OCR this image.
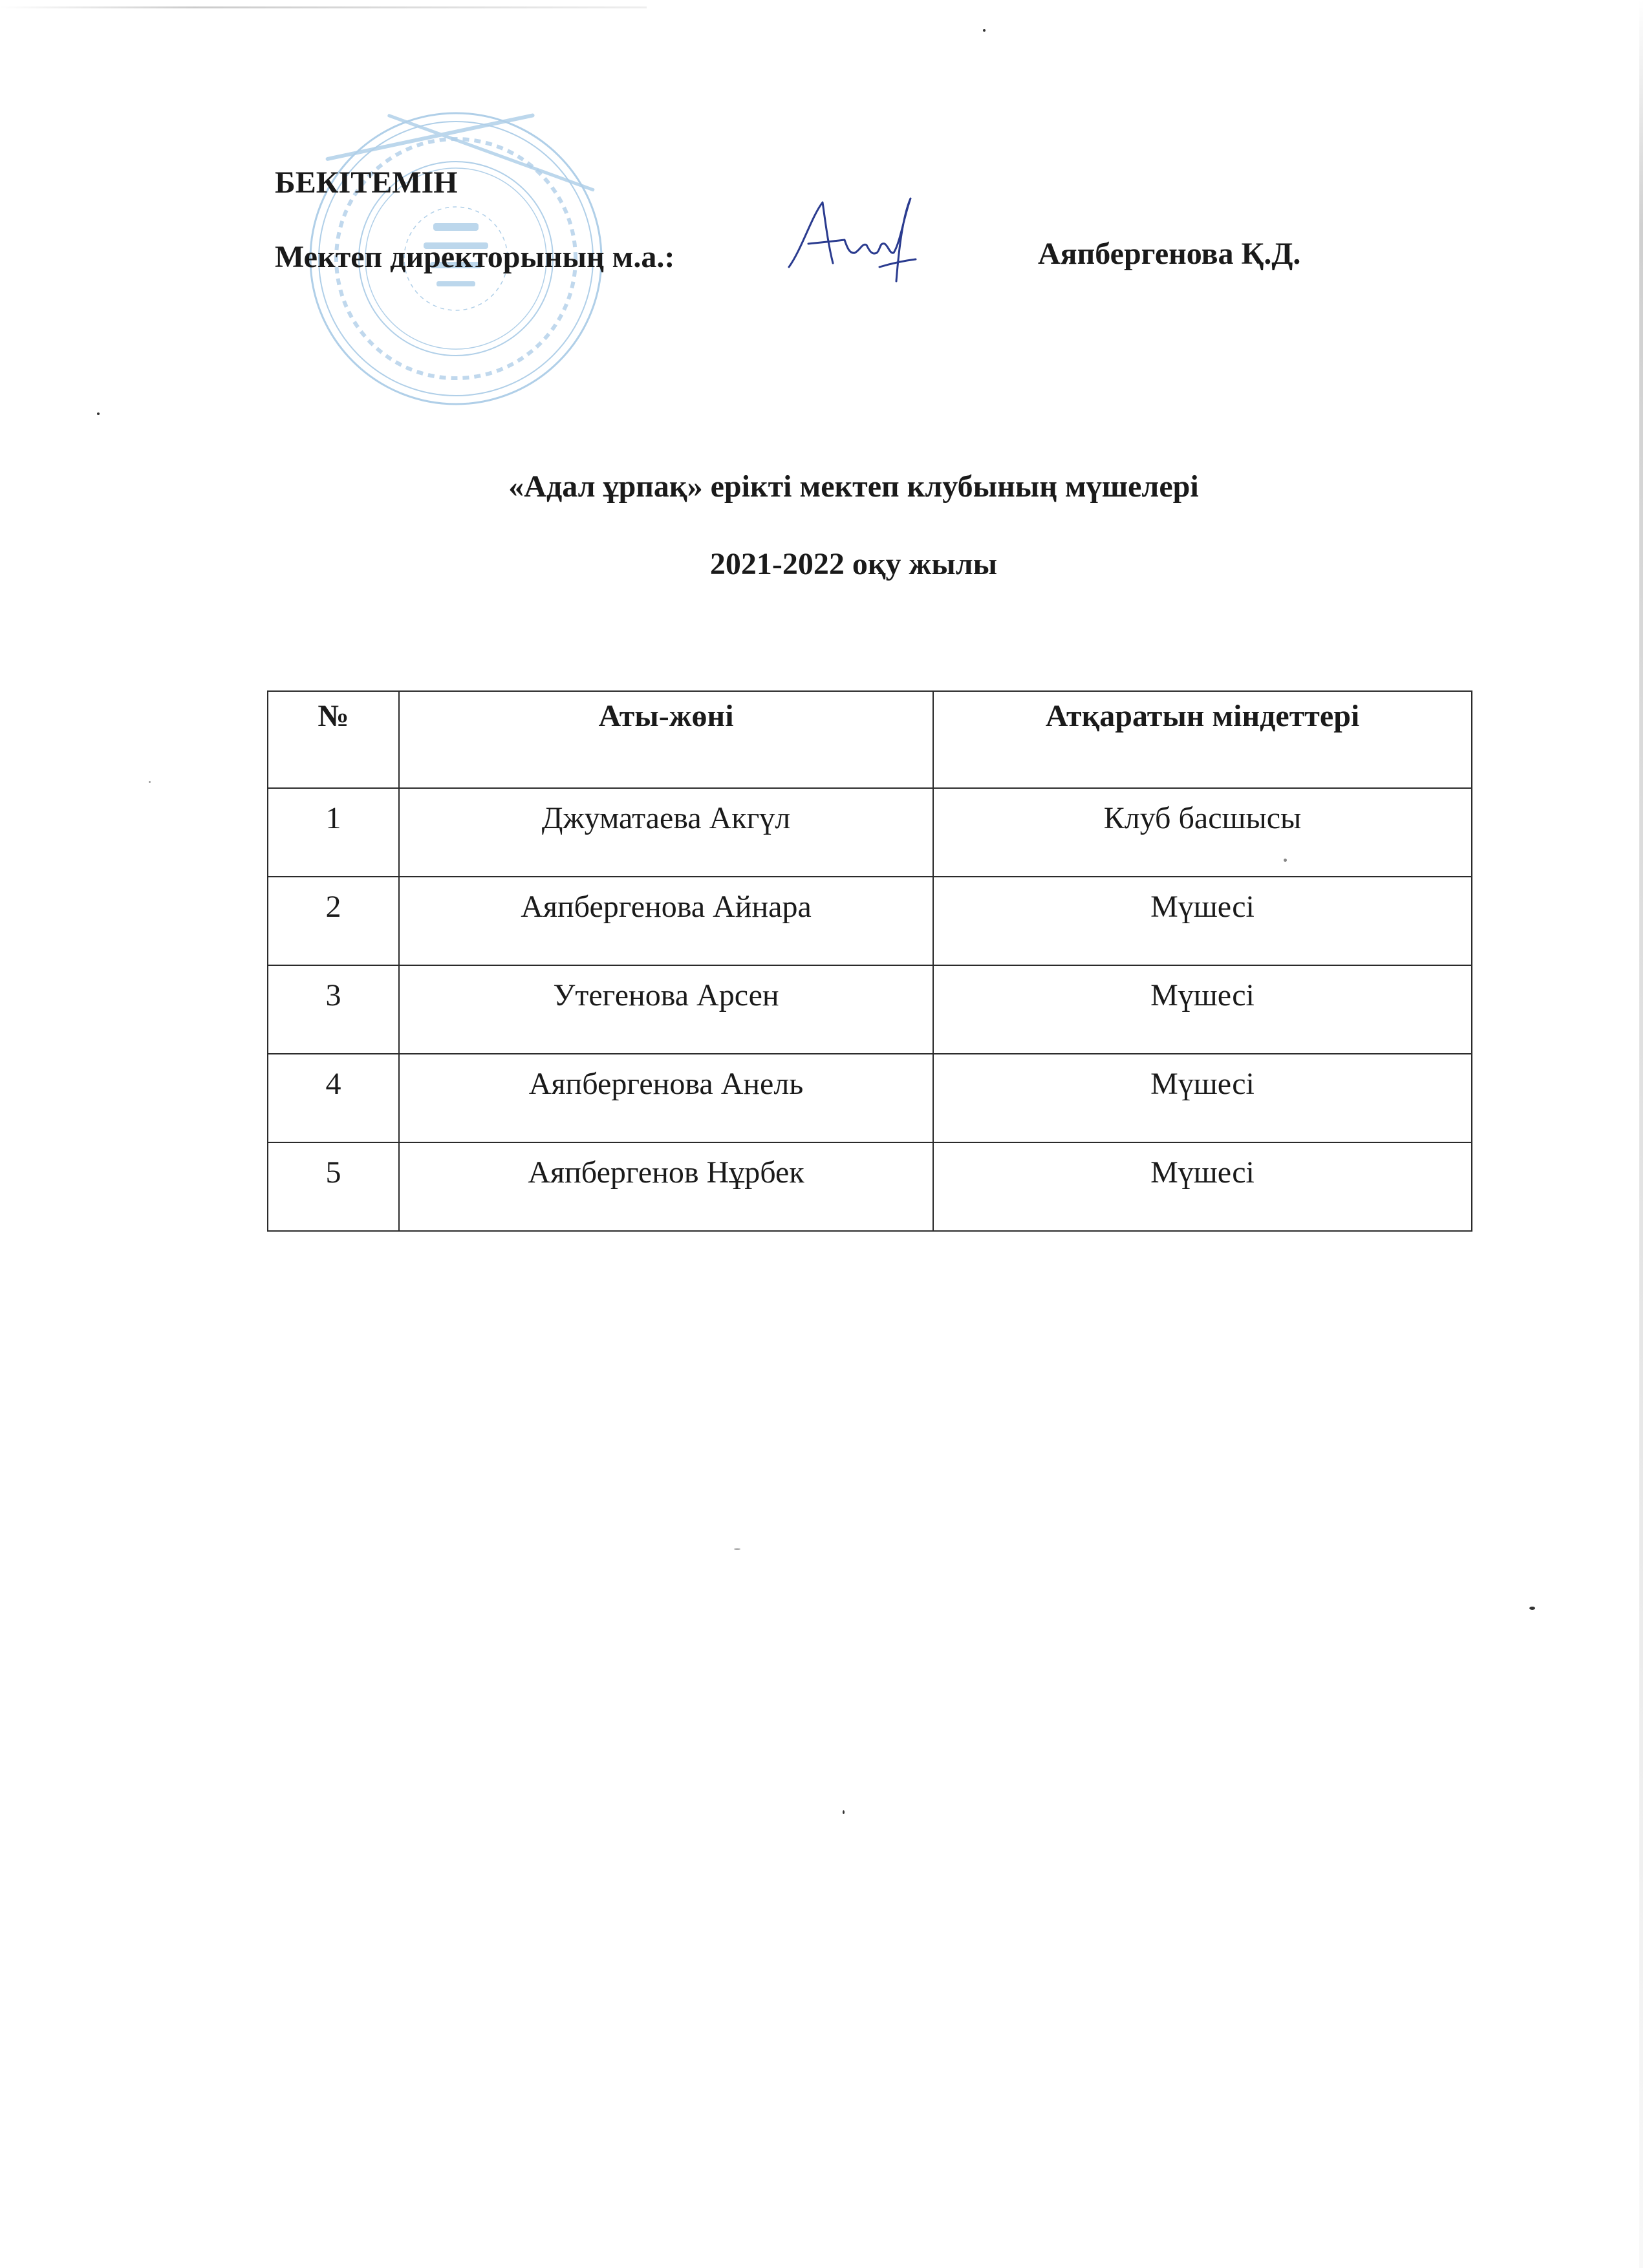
БЕКІТЕМІН
Мектеп директорының м.а.:	Аяпбергенова Қ.Д.
«Адал ұрпақ» ерікті мектеп клубының мүшелері
2021-2022 оқу жылы
№	Аты-жөні	Атқаратын міндеттері
1	Джуматаева Акгүл	Клуб басшысы
2	Аяпбергенова Айнара	Мүшесі
3	Утегенова Арсен	Мүшесі
4	Аяпбергенова Анель	Мүшесі
5	Аяпбергенов Нұрбек	Мүшесі
